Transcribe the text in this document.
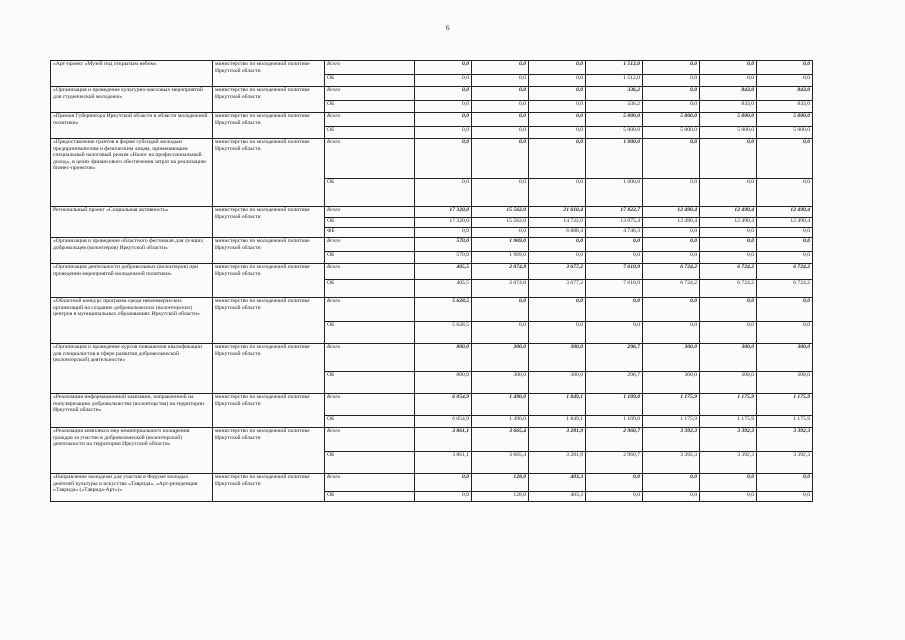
6
«Арт-проект «Музей под открытым небом»	министерство по молодежной политике Иркутской области	Всего	0,0	0,0	0,0	1 512,0	0,0	0,0	0,0
		ОБ	0,0	0,0	0,0	1 512,0	0,0	0,0	0,0
«Организация и проведение культурно-массовых мероприятий для студенческой молодежи»	министерство по молодежной политике Иркутской области	Всего	0,0	0,0	0,0	336,2	0,0	843,0	843,0
		ОБ	0,0	0,0	0,0	336,2	0,0	843,0	843,0
«Премия Губернатора Иркутской области в области молодежной политики»	министерство по молодежной политике Иркутской области	Всего	0,0	0,0	0,0	5 000,0	5 000,0	5 000,0	5 000,0
		ОБ	0,0	0,0	0,0	5 000,0	5 000,0	5 000,0	5 000,0
«Предоставление грантов в форме субсидий молодым предпринимателям и физическим лицам, применяющим специальный налоговый режим «Налог на профессиональный доход», в целях финансового обеспечения затрат на реализацию бизнес-проектов»	министерство по молодежной политике Иркутской области	Всего	0,0	0,0	0,0	1 000,0	0,0	0,0	0,0
		ОБ	0,0	0,0	0,0	1 000,0	0,0	0,0	0,0
Региональный проект «Социальная активность»	министерство по молодежной политике Иркутской области	Всего	17 320,0	15 562,0	21 610,4	17 822,7	12 490,4	12 490,4	12 490,4
		ОБ	17 320,0	15 562,0	14 722,0	13 075,4	12 490,4	12 490,4	12 490,4
		ФБ	0,0	0,0	6 888,4	4 746,3	0,0	0,0	0,0
«Организация и проведение областного фестиваля для лучших добровольцев (волонтеров) Иркутской области»	министерство по молодежной политике Иркутской области	Всего	570,0	1 969,0	0,0	0,0	0,0	0,0	0,0
		ОБ	570,0	1 969,0	0,0	0,0	0,0	0,0	0,0
«Организация деятельности добровольных (волонтеров) при проведении мероприятий молодежной политики»	министерство по молодежной политике Иркутской области	Всего	405,5	2 074,8	3 677,2	7 610,9	6 724,2	6 724,2	6 724,2
		ОБ	405,5	2 074,8	3 677,2	7 610,9	6 724,2	6 724,2	6 724,2
«Областной конкурс программ среди некоммерческих организаций на создание добровольческих (волонтерских) центров в муниципальных образованиях Иркутской области»	министерство по молодежной политике Иркутской области	Всего	5 628,5	0,0	0,0	0,0	0,0	0,0	0,0
		ОБ	5 628,5	0,0	0,0	0,0	0,0	0,0	0,0
«Организация и проведение курсов повышения квалификации для специалистов в сфере развития добровольческой (волонтерской) деятельности»	министерство по молодежной политике Иркутской области	Всего	800,0	300,0	300,0	296,7	300,0	300,0	300,0
		ОБ	800,0	300,0	300,0	296,7	300,0	300,0	300,0
«Реализация информационной кампании, направленной на популяризацию добровольчества (волонтерства) на территории Иркутской области»	министерство по молодежной политике Иркутской области	Всего	6 054,9	1 490,0	1 849,1	1 109,0	1 175,9	1 175,9	1 175,9
		ОБ	6 054,9	1 490,0	1 849,1	1 109,0	1 175,9	1 175,9	1 175,9
«Реализация комплекса мер нематериального поощрения граждан за участие в добровольческой (волонтерской) деятельности на территории Иркутской области»	министерство по молодежной политике Иркутской области	Всего	3 861,1	3 665,4	3 281,9	2 960,7	3 392,3	3 392,3	3 392,3
		ОБ	3 861,1	3 665,4	3 281,9	2 960,7	3 392,3	3 392,3	3 392,3
«Направление молодежи для участия в Форуме молодых деятелей культуры и искусства «Таврида», «Арт-резиденция «Таврида» («Таврида-Арт»)»	министерство по молодежной политике Иркутской области	Всего	0,0	128,0	403,3	0,0	0,0	0,0	0,0
		ОБ	0,0	128,0	403,3	0,0	0,0	0,0	0,0
